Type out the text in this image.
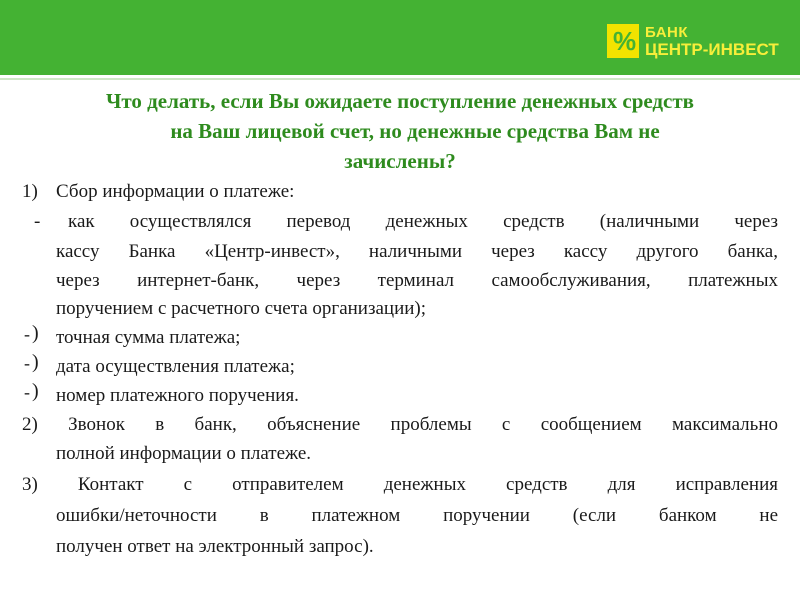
% БАНК
ЦЕНТР-ИНВЕСТ
Что делать, если Вы ожидаете поступление денежных средств
на Ваш лицевой счет, но денежные средства Вам не
зачислены?
1) Сбор информации о платеже:
- как осуществлялся перевод денежных средств (наличными через
кассу Банка «Центр-инвест», наличными через кассу другого банка,
через интернет-банк, через терминал самообслуживания, платежных
поручением с расчетного счета организации);
- ) точная сумма платежа;
- ) дата осуществления платежа;
- ) номер платежного поручения.
2) Звонок в банк, объяснение проблемы с сообщением максимально
полной информации о платеже.
3) Контакт с отправителем денежных средств для исправления
ошибки/неточности в платежном поручении (если банком не
получен ответ на электронный запрос).
